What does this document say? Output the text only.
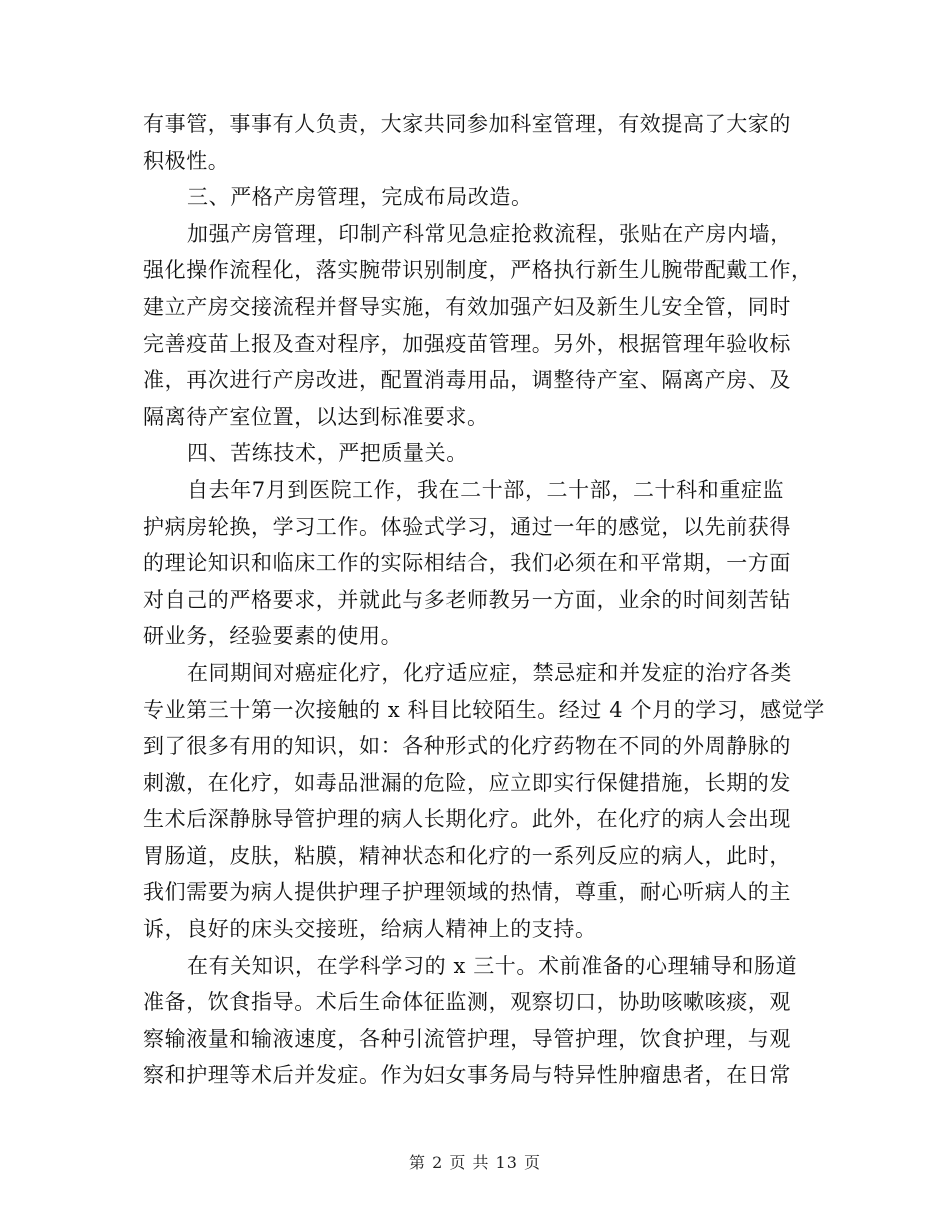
有事管，事事有人负责，大家共同参加科室管理，有效提高了大家的
积极性。
三、严格产房管理，完成布局改造。
加强产房管理，印制产科常见急症抢救流程，张贴在产房内墙，
强化操作流程化，落实腕带识别制度，严格执行新生儿腕带配戴工作，
建立产房交接流程并督导实施，有效加强产妇及新生儿安全管，同时
完善疫苗上报及查对程序，加强疫苗管理。另外，根据管理年验收标
准，再次进行产房改进，配置消毒用品，调整待产室、隔离产房、及
隔离待产室位置，以达到标准要求。
四、苦练技术，严把质量关。
自去年7月到医院工作，我在二十部，二十部，二十科和重症监
护病房轮换，学习工作。体验式学习，通过一年的感觉，以先前获得
的理论知识和临床工作的实际相结合，我们必须在和平常期，一方面
对自己的严格要求，并就此与多老师教另一方面，业余的时间刻苦钻
研业务，经验要素的使用。
在同期间对癌症化疗，化疗适应症，禁忌症和并发症的治疗各类
专业第三十第一次接触的 x 科目比较陌生。经过 4 个月的学习，感觉学
到了很多有用的知识，如：各种形式的化疗药物在不同的外周静脉的
刺激，在化疗，如毒品泄漏的危险，应立即实行保健措施，长期的发
生术后深静脉导管护理的病人长期化疗。此外，在化疗的病人会出现
胃肠道，皮肤，粘膜，精神状态和化疗的一系列反应的病人，此时，
我们需要为病人提供护理子护理领域的热情，尊重，耐心听病人的主
诉，良好的床头交接班，给病人精神上的支持。
在有关知识，在学科学习的 x 三十。术前准备的心理辅导和肠道
准备，饮食指导。术后生命体征监测，观察切口，协助咳嗽咳痰，观
察输液量和输液速度，各种引流管护理，导管护理，饮食护理，与观
察和护理等术后并发症。作为妇女事务局与特异性肿瘤患者，在日常
第 2 页 共 13 页
